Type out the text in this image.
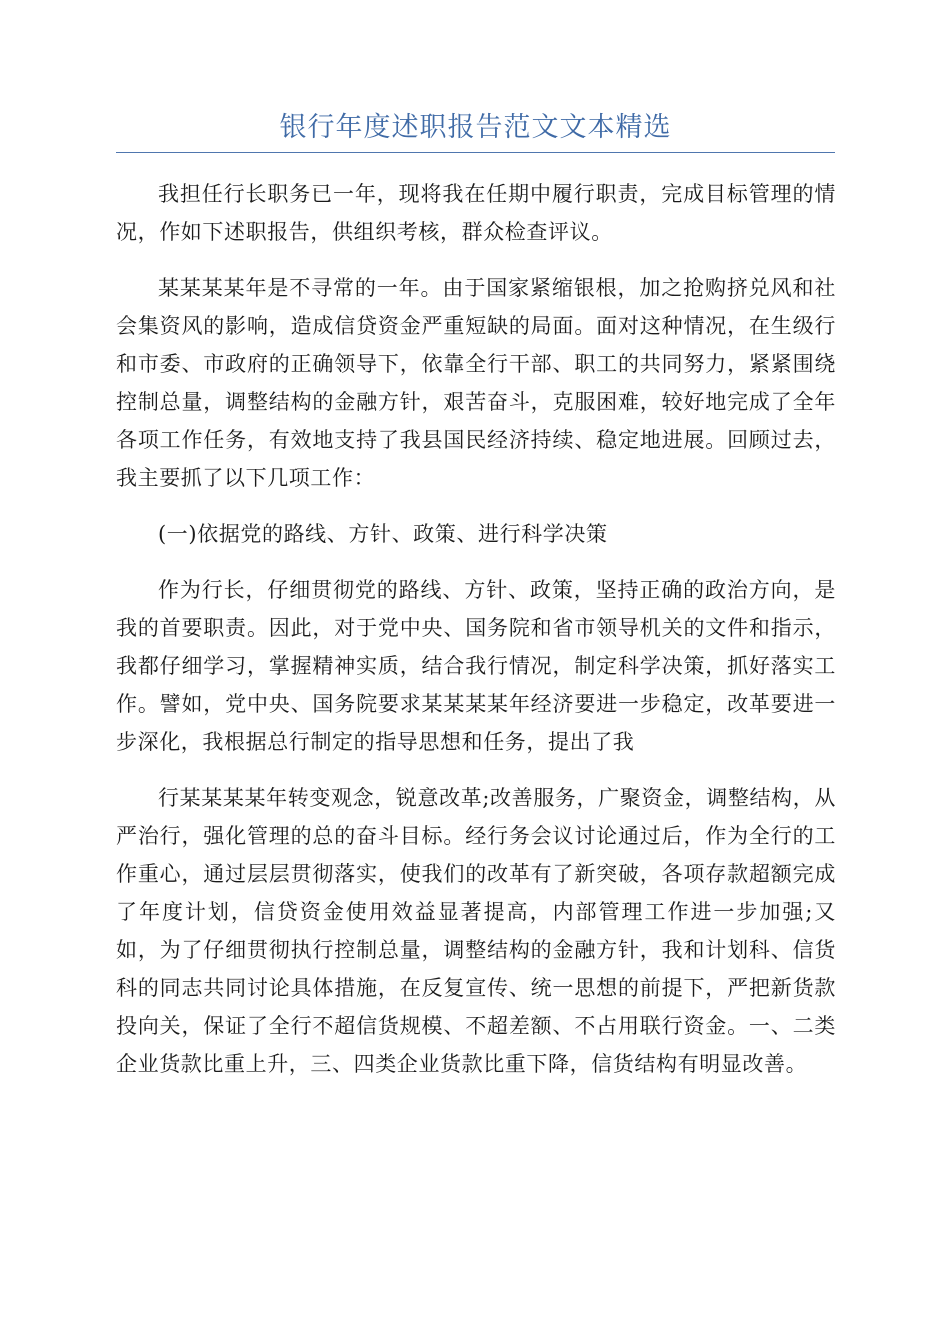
银行年度述职报告范文文本精选

我担任行长职务已一年，现将我在任期中履行职责，完成目标管理的情况，作如下述职报告，供组织考核，群众检查评议。

某某某某年是不寻常的一年。由于国家紧缩银根，加之抢购挤兑风和社会集资风的影响，造成信贷资金严重短缺的局面。面对这种情况，在生级行和市委、市政府的正确领导下，依靠全行干部、职工的共同努力，紧紧围绕控制总量，调整结构的金融方针，艰苦奋斗，克服困难，较好地完成了全年各项工作任务，有效地支持了我县国民经济持续、稳定地进展。回顾过去，我主要抓了以下几项工作：

(一)依据党的路线、方针、政策、进行科学决策

作为行长，仔细贯彻党的路线、方针、政策，坚持正确的政治方向，是我的首要职责。因此，对于党中央、国务院和省市领导机关的文件和指示，我都仔细学习，掌握精神实质，结合我行情况，制定科学决策，抓好落实工作。譬如，党中央、国务院要求某某某某年经济要进一步稳定，改革要进一步深化，我根据总行制定的指导思想和任务，提出了我

行某某某某年转变观念，锐意改革;改善服务，广聚资金，调整结构，从严治行，强化管理的总的奋斗目标。经行务会议讨论通过后，作为全行的工作重心，通过层层贯彻落实，使我们的改革有了新突破，各项存款超额完成了年度计划，信贷资金使用效益显著提高，内部管理工作进一步加强;又如，为了仔细贯彻执行控制总量，调整结构的金融方针，我和计划科、信货科的同志共同讨论具体措施，在反复宣传、统一思想的前提下，严把新货款投向关，保证了全行不超信货规模、不超差额、不占用联行资金。一、二类企业货款比重上升，三、四类企业货款比重下降，信货结构有明显改善。
